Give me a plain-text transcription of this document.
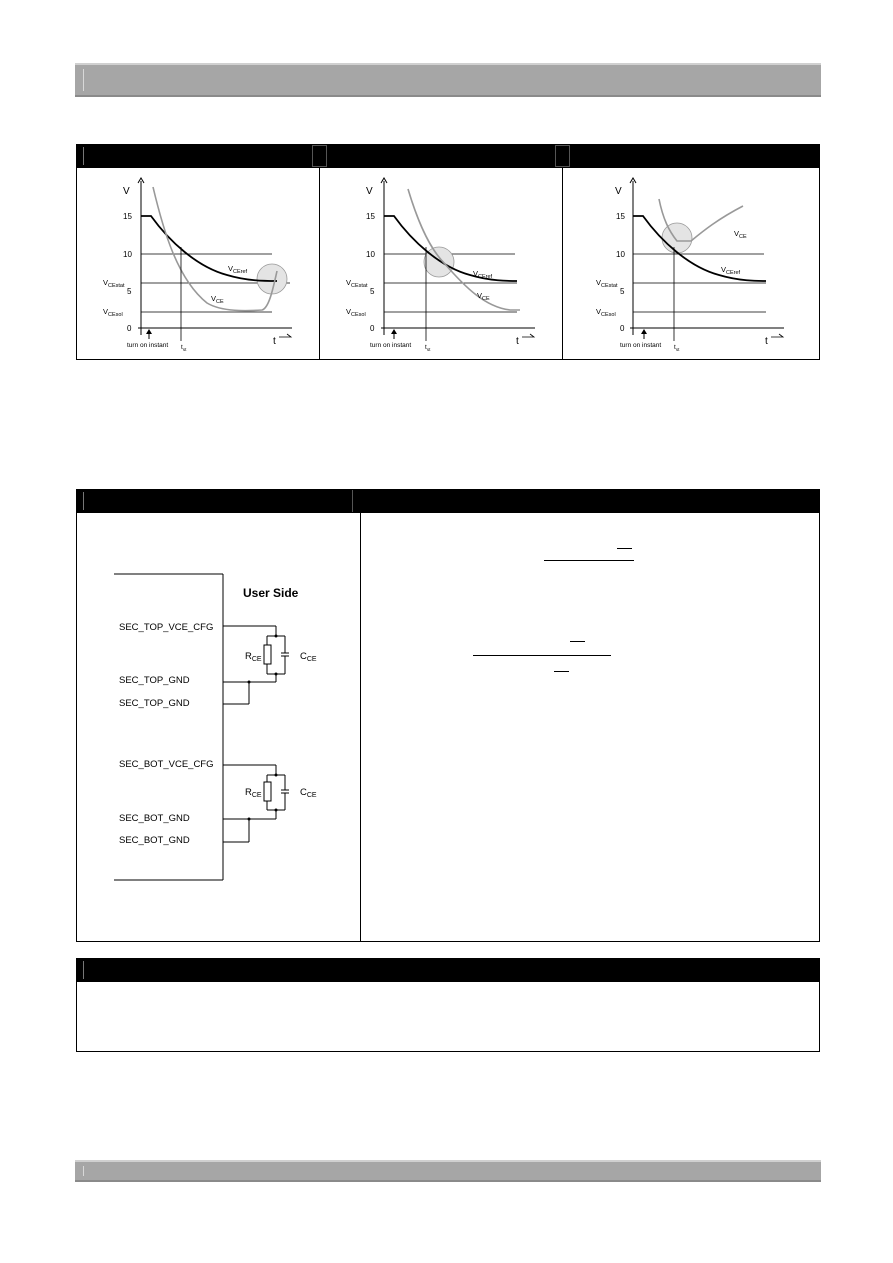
V
15
10
5
0
$V_{CEstat}$
$V_{CEsol}$
$V_{CEref}$
$V_{CE}$
turn on instant $t_{st}$
t
V
15
10
5
0
$V_{CEstat}$
$V_{CEsol}$
$V_{CEref}$
$V_{CE}$
turn on instant $t_{st}$
t
V
15
10
5
0
$V_{CEstat}$
$V_{CEsol}$
$V_{CEref}$
$V_{CE}$
turn on instant $t_{st}$
t
$R_{CE}$	$C_{CE}$
$R_{CE}$	$C_{CE}$
User Side
SEC_TOP_VCE_CFG
SEC_TOP_GND
SEC_TOP_GND
SEC_BOT_VCE_CFG
SEC_BOT_GND
SEC_BOT_GND
